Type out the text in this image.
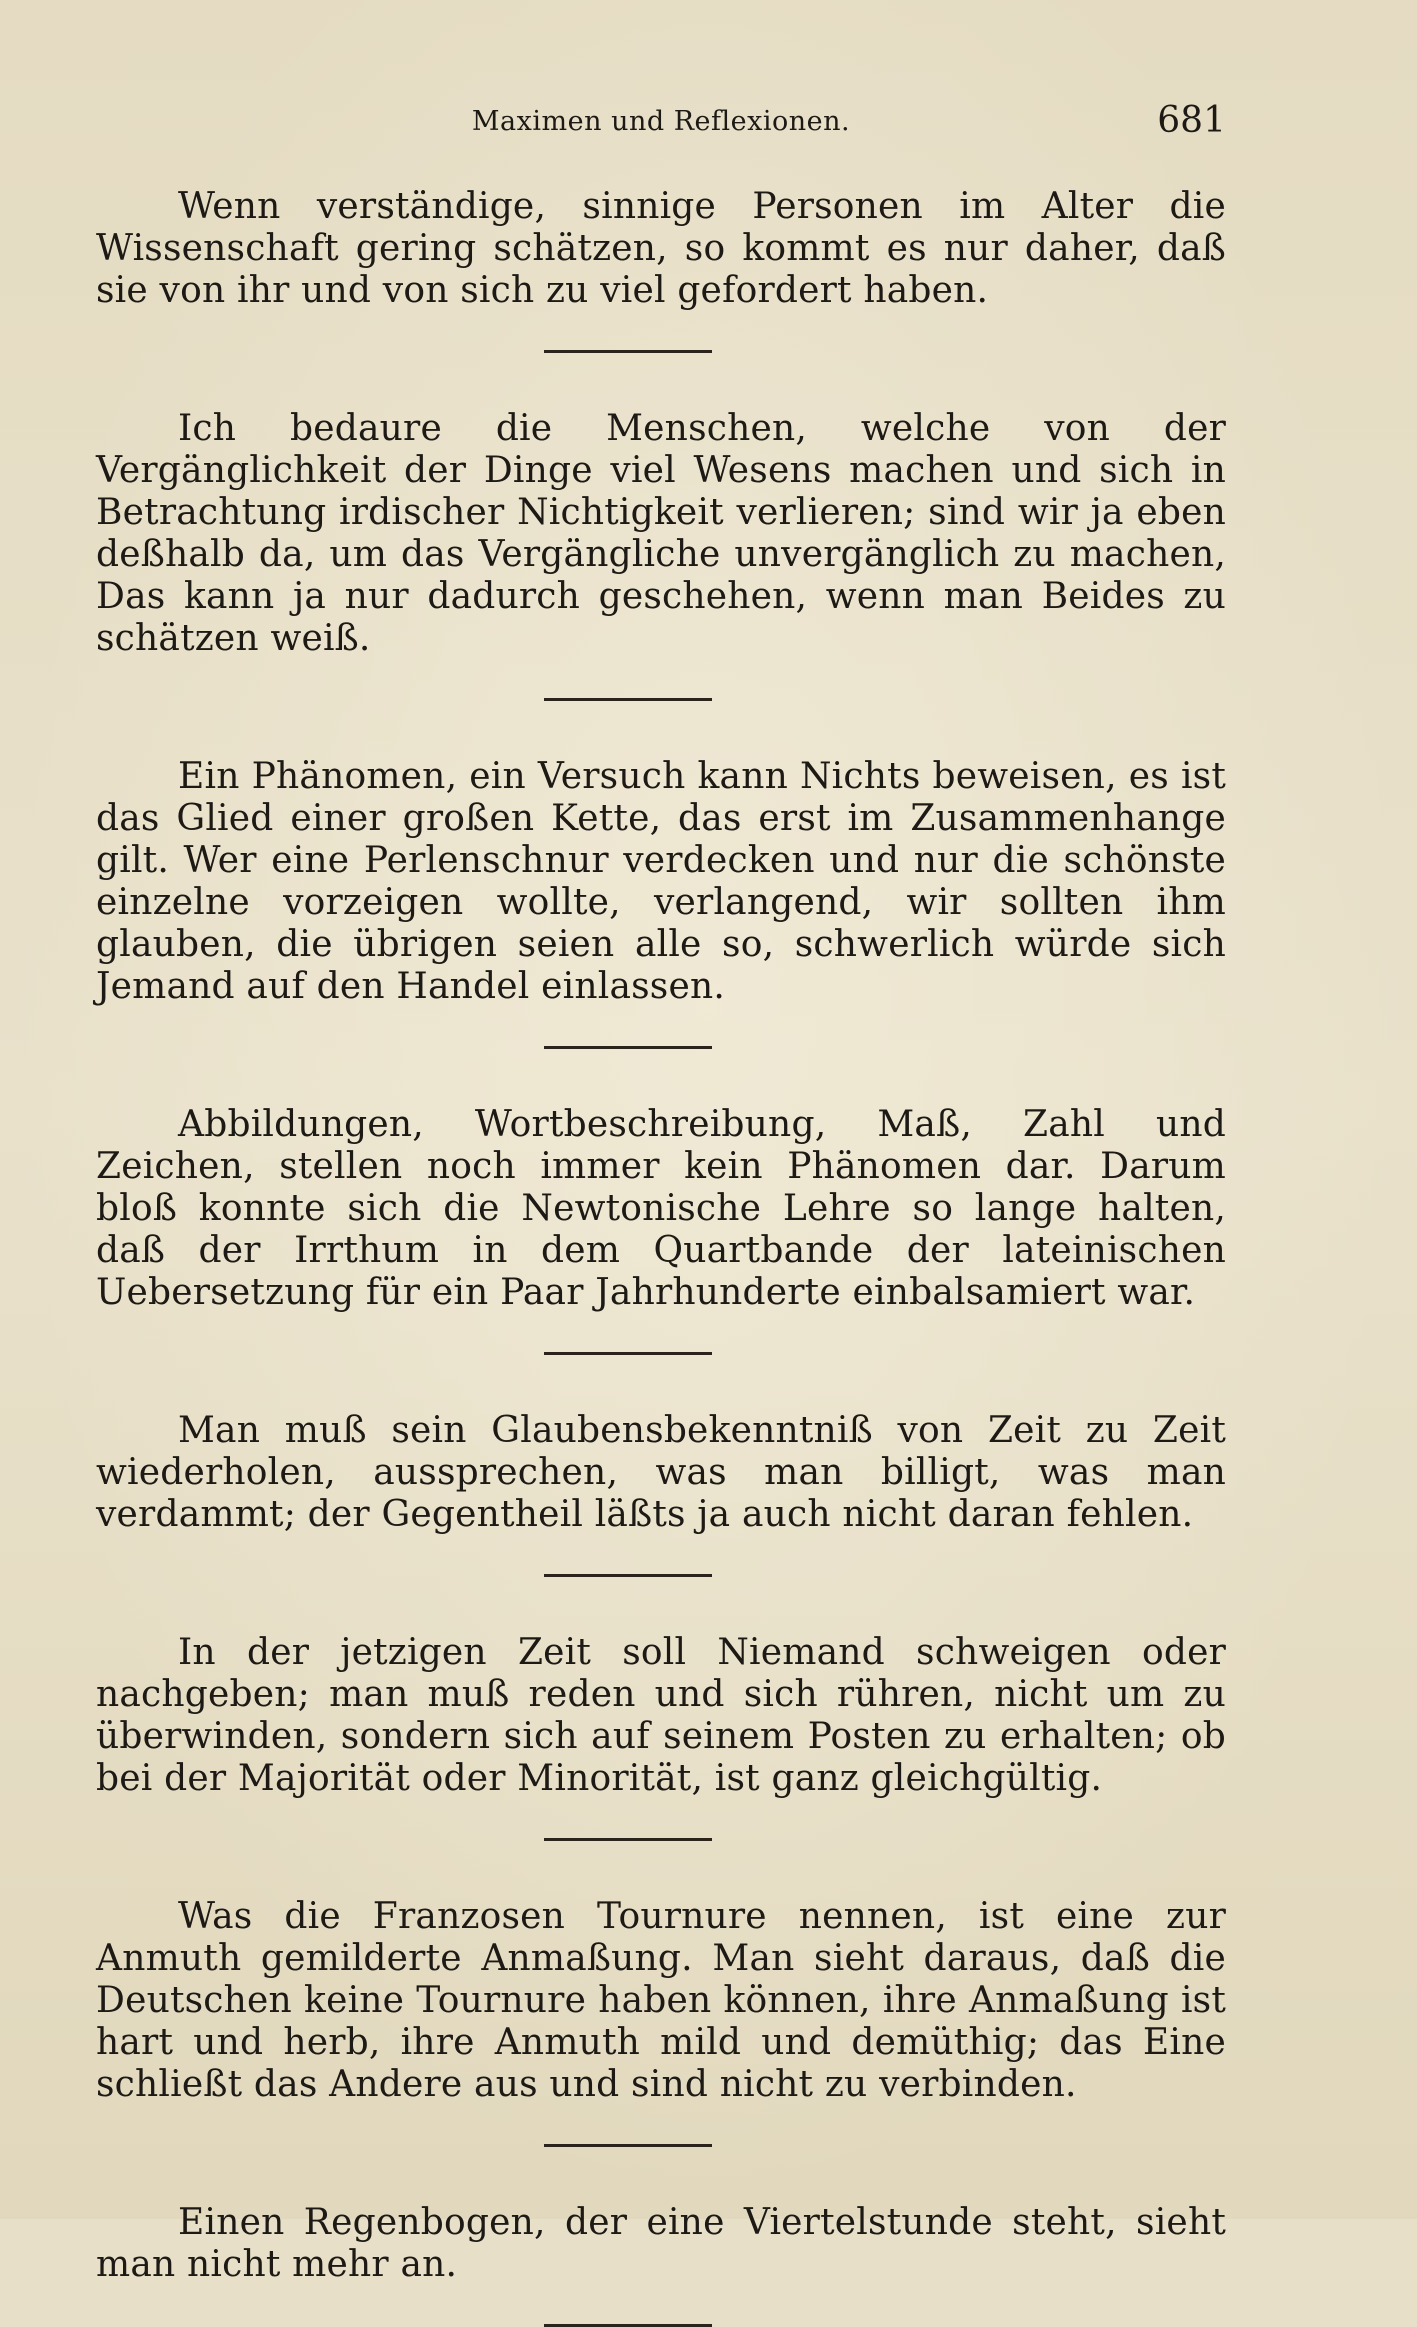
Maximen und Reflexionen.	681

Wenn verständige, sinnige Personen im Alter die Wissenschaft gering schätzen, so kommt es nur daher, daß sie von ihr und von sich zu viel gefordert haben.

Ich bedaure die Menschen, welche von der Vergänglichkeit der Dinge viel Wesens machen und sich in Betrachtung irdischer Nichtigkeit verlieren; sind wir ja eben deßhalb da, um das Vergängliche unvergänglich zu machen, Das kann ja nur dadurch geschehen, wenn man Beides zu schätzen weiß.

Ein Phänomen, ein Versuch kann Nichts beweisen, es ist das Glied einer großen Kette, das erst im Zusammenhange gilt. Wer eine Perlenschnur verdecken und nur die schönste einzelne vorzeigen wollte, verlangend, wir sollten ihm glauben, die übrigen seien alle so, schwerlich würde sich Jemand auf den Handel einlassen.

Abbildungen, Wortbeschreibung, Maß, Zahl und Zeichen, stellen noch immer kein Phänomen dar. Darum bloß konnte sich die Newtonische Lehre so lange halten, daß der Irrthum in dem Quartbande der lateinischen Uebersetzung für ein Paar Jahrhunderte einbalsamiert war.

Man muß sein Glaubensbekenntniß von Zeit zu Zeit wiederholen, aussprechen, was man billigt, was man verdammt; der Gegentheil läßts ja auch nicht daran fehlen.

In der jetzigen Zeit soll Niemand schweigen oder nachgeben; man muß reden und sich rühren, nicht um zu überwinden, sondern sich auf seinem Posten zu erhalten; ob bei der Majorität oder Minorität, ist ganz gleichgültig.

Was die Franzosen Tournure nennen, ist eine zur Anmuth gemilderte Anmaßung. Man sieht daraus, daß die Deutschen keine Tournure haben können, ihre Anmaßung ist hart und herb, ihre Anmuth mild und demüthig; das Eine schließt das Andere aus und sind nicht zu verbinden.

Einen Regenbogen, der eine Viertelstunde steht, sieht man nicht mehr an.
